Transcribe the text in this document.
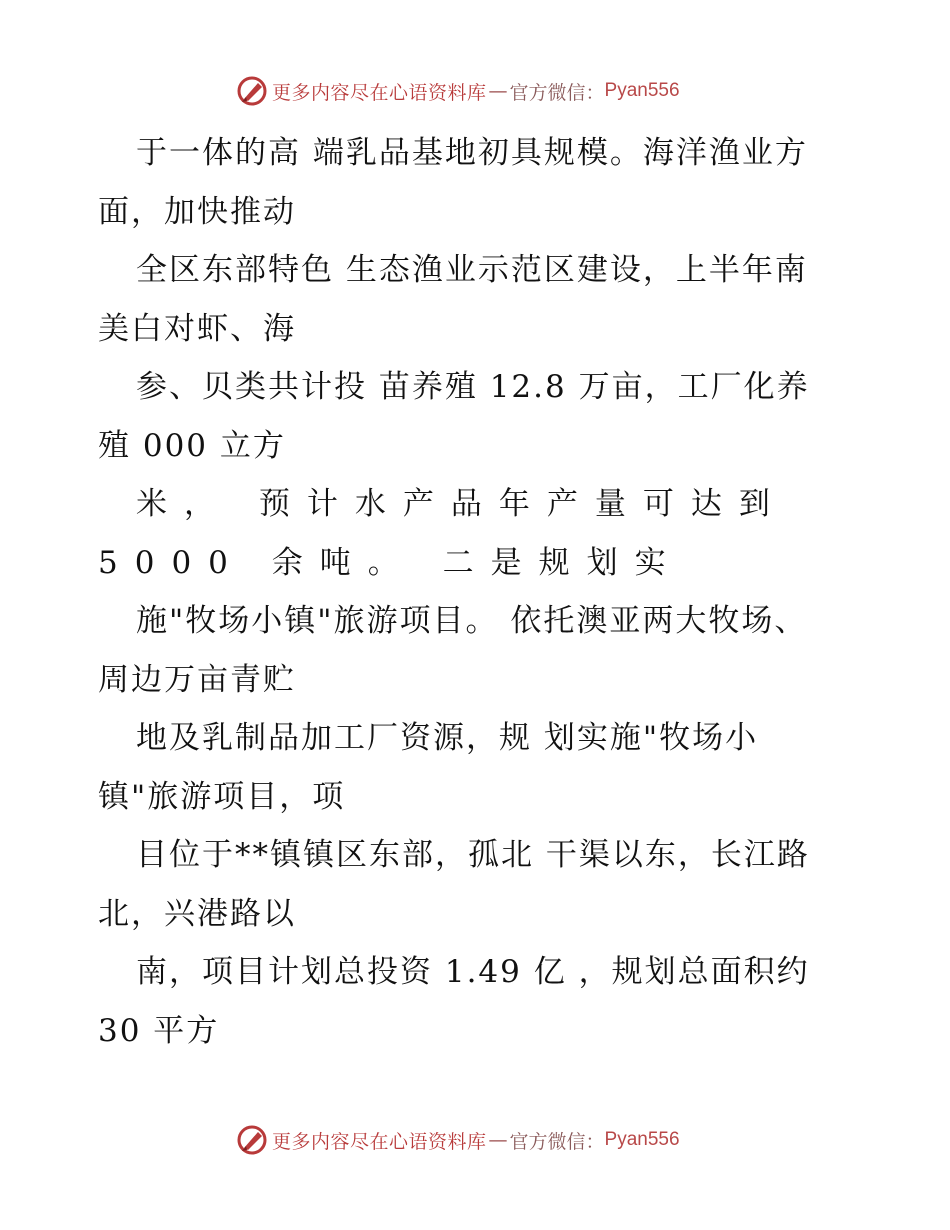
更多内容尽在心语资料库 — 官方微信： Pyan556
于一体的高 端乳品基地初具规模。海洋渔业方
面，加快推动
全区东部特色 生态渔业示范区建设，上半年南
美白对虾、海
参、贝类共计投 苗养殖 12.8 万亩，工厂化养
殖 000 立方
米， 预计水产品年产量可达到
5000 余吨。 二是规划实
施"牧场小镇"旅游项目。 依托澳亚两大牧场、
周边万亩青贮
地及乳制品加工厂资源，规 划实施"牧场小
镇"旅游项目，项
目位于**镇镇区东部，孤北 干渠以东，长江路
北，兴港路以
南，项目计划总投资 1.49 亿 ，规划总面积约
30 平方
更多内容尽在心语资料库 — 官方微信： Pyan556
